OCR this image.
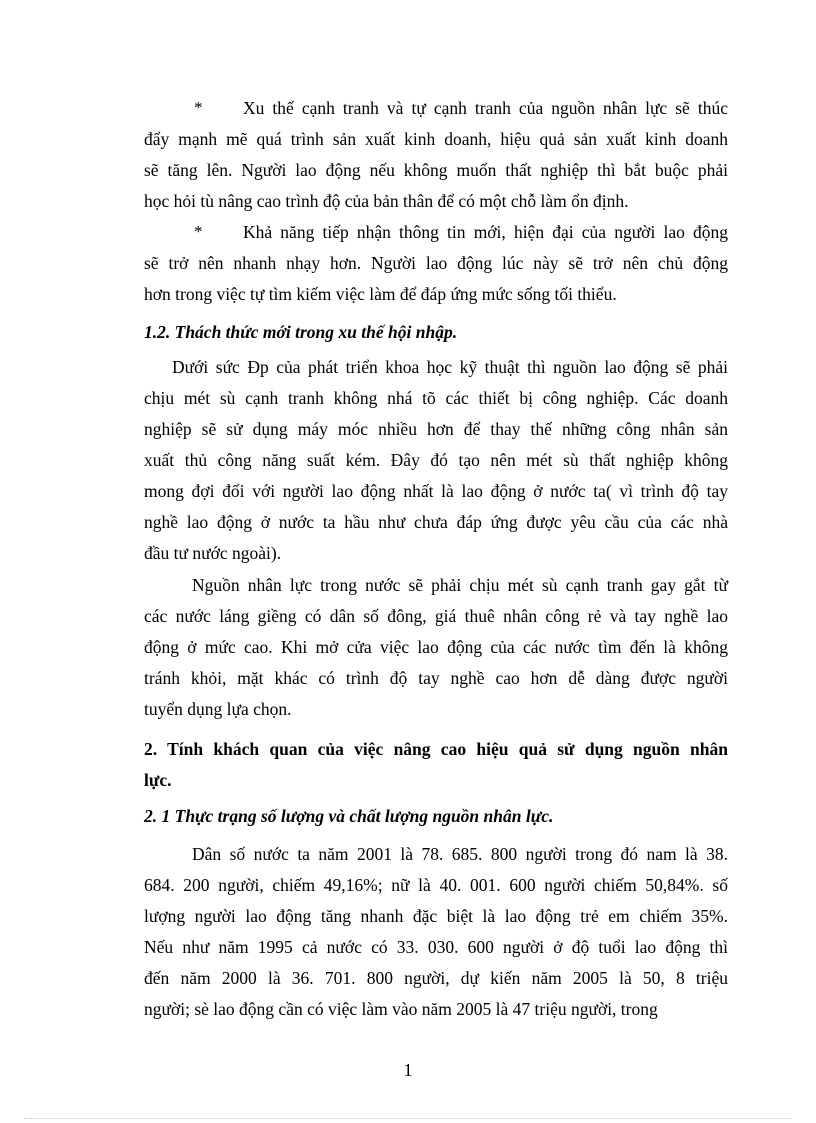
* Xu thế cạnh tranh và tự cạnh tranh của nguồn nhân lực sẽ thúc
đẩy mạnh mẽ quá trình sản xuất kinh doanh, hiệu quả sản xuất kinh doanh
sẽ tăng lên. Người lao động nếu không muốn thất nghiệp thì bắt buộc phải
học hỏi tù nâng cao trình độ của bản thân để có một chỗ làm ổn định.
* Khả năng tiếp nhận thông tin mới, hiện đại của người lao động
sẽ trở nên nhanh nhạy hơn. Người lao động lúc này sẽ trở nên chủ động
hơn trong việc tự tìm kiếm việc làm để đáp ứng mức sống tối thiểu.
1.2. Thách thức mới trong xu thế hội nhập.
Dưới sức Đp của phát triển khoa học kỹ thuật thì nguồn lao động sẽ phải
chịu mét sù cạnh tranh không nhá tõ các thiết bị công nghiệp. Các doanh
nghiệp sẽ sử dụng máy móc nhiều hơn để thay thế những công nhân sản
xuất thủ công năng suất kém. Đây đó tạo nên mét sù thất nghiệp không
mong đợi đối với người lao động nhất là lao động ở nước ta( vì trình độ tay
nghề lao động ở nước ta hầu như chưa đáp ứng được yêu cầu của các nhà
đầu tư nước ngoài).
Nguồn nhân lực trong nước sẽ phải chịu mét sù cạnh tranh gay gắt từ
các nước láng giềng có dân số đông, giá thuê nhân công rẻ và tay nghề lao
động ở mức cao. Khi mở cửa việc lao động của các nước tìm đến là không
tránh khỏi, mặt khác có trình độ tay nghề cao hơn dễ dàng được người
tuyển dụng lựa chọn.
2. Tính khách quan của việc nâng cao hiệu quả sử dụng nguồn nhân
lực.
2. 1 Thực trạng số lượng và chất lượng nguồn nhân lực.
Dân số nước ta năm 2001 là 78. 685. 800 người trong đó nam là 38.
684. 200 người, chiếm 49,16%; nữ là 40. 001. 600 người chiếm 50,84%. số
lượng người lao động tăng nhanh đặc biệt là lao động trẻ em chiếm 35%.
Nếu như năm 1995 cả nước có 33. 030. 600 người ở độ tuổi lao động thì
đến năm 2000 là 36. 701. 800 người, dự kiến năm 2005 là 50, 8 triệu
người; sè lao động cần có việc làm vào năm 2005 là 47 triệu người, trong
1
